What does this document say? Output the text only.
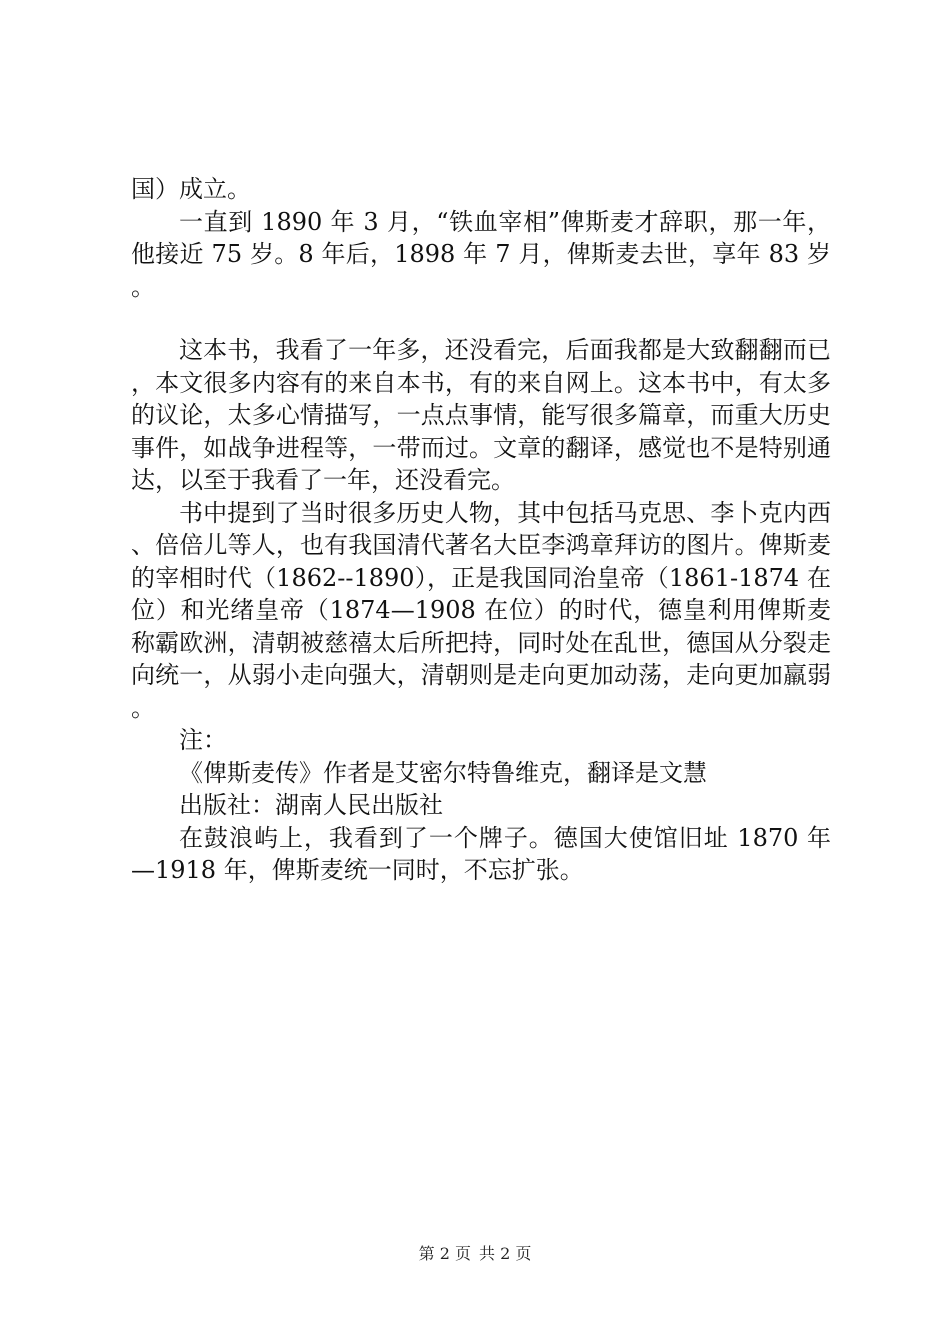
国）成立。

一直到 1890 年 3 月，“铁血宰相”俾斯麦才辞职，那一年，他接近 75 岁。8 年后，1898 年 7 月，俾斯麦去世，享年 83 岁。

这本书，我看了一年多，还没看完，后面我都是大致翻翻而已，本文很多内容有的来自本书，有的来自网上。这本书中，有太多的议论，太多心情描写，一点点事情，能写很多篇章，而重大历史事件，如战争进程等，一带而过。文章的翻译，感觉也不是特别通达，以至于我看了一年，还没看完。

书中提到了当时很多历史人物，其中包括马克思、李卜克内西、倍倍儿等人，也有我国清代著名大臣李鸿章拜访的图片。俾斯麦的宰相时代（1862--1890），正是我国同治皇帝（1861-1874 在位）和光绪皇帝（1874—1908 在位）的时代，德皇利用俾斯麦称霸欧洲，清朝被慈禧太后所把持，同时处在乱世，德国从分裂走向统一，从弱小走向强大，清朝则是走向更加动荡，走向更加羸弱。

注：

《俾斯麦传》作者是艾密尔特鲁维克，翻译是文慧

出版社：湖南人民出版社

在鼓浪屿上，我看到了一个牌子。德国大使馆旧址 1870 年—1918 年，俾斯麦统一同时，不忘扩张。

第 2 页 共 2 页
